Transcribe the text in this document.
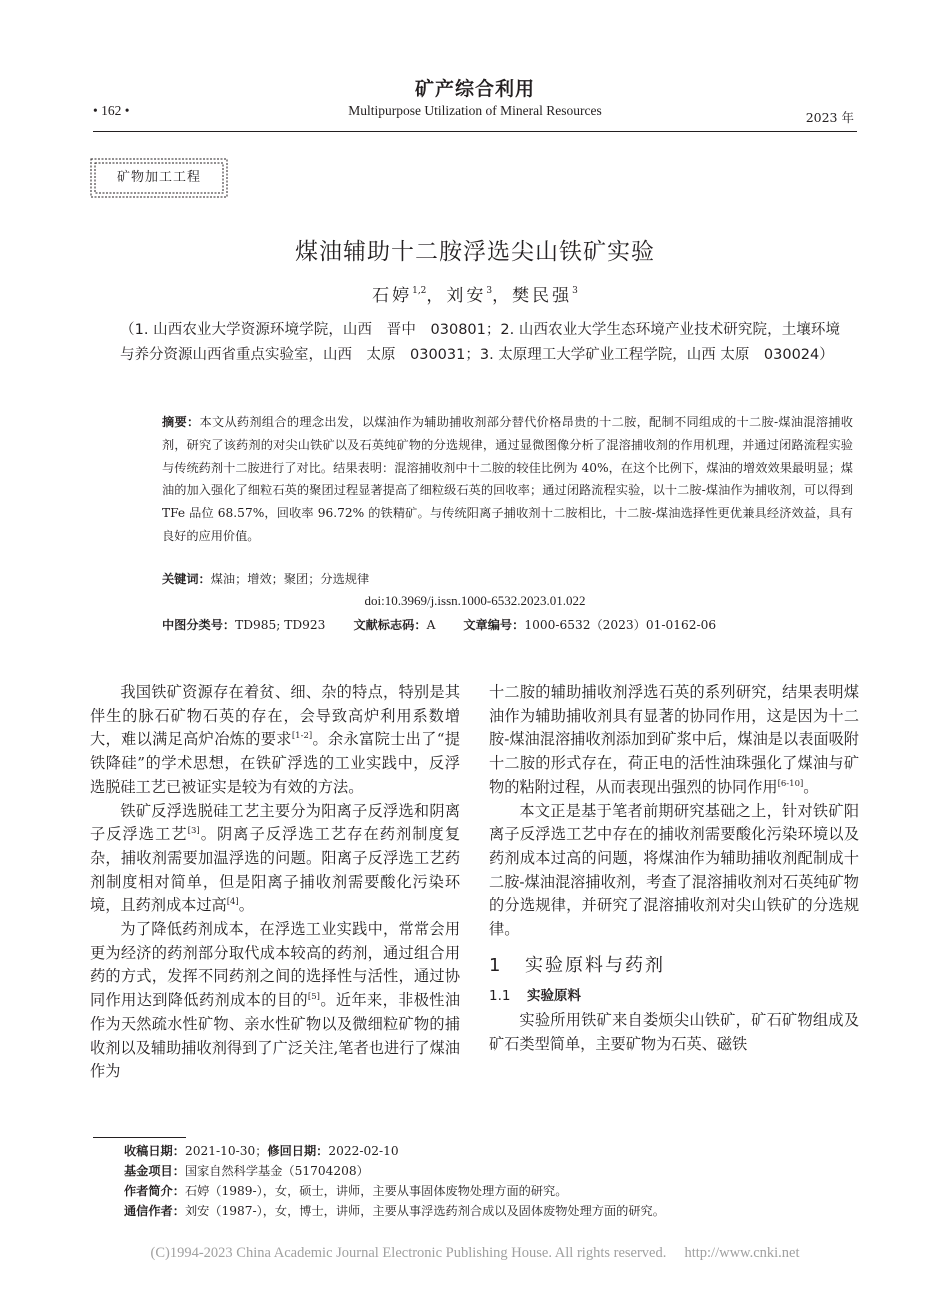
矿产综合利用
• 162 •	Multipurpose Utilization of Mineral Resources	2023 年
矿物加工工程
煤油辅助十二胺浮选尖山铁矿实验
石婷$^{1,2}$，刘安$^3$，樊民强$^3$
（1. 山西农业大学资源环境学院，山西　晋中　030801；2. 山西农业大学生态环境产业技术研究院，土壤环境与养分资源山西省重点实验室，山西　太原　030031；3. 太原理工大学矿业工程学院，山西 太原　030024）
摘要：本文从药剂组合的理念出发，以煤油作为辅助捕收剂部分替代价格昂贵的十二胺，配制不同组成的十二胺-煤油混溶捕收剂，研究了该药剂的对尖山铁矿以及石英纯矿物的分选规律，通过显微图像分析了混溶捕收剂的作用机理，并通过闭路流程实验与传统药剂十二胺进行了对比。结果表明：混溶捕收剂中十二胺的较佳比例为 40%，在这个比例下，煤油的增效效果最明显；煤油的加入强化了细粒石英的聚团过程显著提高了细粒级石英的回收率；通过闭路流程实验，以十二胺-煤油作为捕收剂，可以得到 TFe 品位 68.57%，回收率 96.72% 的铁精矿。与传统阳离子捕收剂十二胺相比，十二胺-煤油选择性更优兼具经济效益，具有良好的应用价值。
关键词：煤油；增效；聚团；分选规律
doi:10.3969/j.issn.1000-6532.2023.01.022
中图分类号：TD985; TD923 文献标志码：A 文章编号：1000-6532（2023）01-0162-06

我国铁矿资源存在着贫、细、杂的特点，特别是其伴生的脉石矿物石英的存在，会导致高炉利用系数增大，难以满足高炉冶炼的要求[1-2]。余永富院士出了“提铁降硅”的学术思想，在铁矿浮选的工业实践中，反浮选脱硅工艺已被证实是较为有效的方法。

铁矿反浮选脱硅工艺主要分为阳离子反浮选和阴离子反浮选工艺[3]。阴离子反浮选工艺存在药剂制度复杂，捕收剂需要加温浮选的问题。阳离子反浮选工艺药剂制度相对简单，但是阳离子捕收剂需要酸化污染环境，且药剂成本过高[4]。

为了降低药剂成本，在浮选工业实践中，常常会用更为经济的药剂部分取代成本较高的药剂，通过组合用药的方式，发挥不同药剂之间的选择性与活性，通过协同作用达到降低药剂成本的目的[5]。近年来，非极性油作为天然疏水性矿物、亲水性矿物以及微细粒矿物的捕收剂以及辅助捕收剂得到了广泛关注,笔者也进行了煤油作为

十二胺的辅助捕收剂浮选石英的系列研究，结果表明煤油作为辅助捕收剂具有显著的协同作用，这是因为十二胺-煤油混溶捕收剂添加到矿浆中后，煤油是以表面吸附十二胺的形式存在，荷正电的活性油珠强化了煤油与矿物的粘附过程，从而表现出强烈的协同作用[6-10]。

本文正是基于笔者前期研究基础之上，针对铁矿阳离子反浮选工艺中存在的捕收剂需要酸化污染环境以及药剂成本过高的问题，将煤油作为辅助捕收剂配制成十二胺-煤油混溶捕收剂，考查了混溶捕收剂对石英纯矿物的分选规律，并研究了混溶捕收剂对尖山铁矿的分选规律。

1 实验原料与药剂

1.1 实验原料

实验所用铁矿来自娄烦尖山铁矿，矿石矿物组成及矿石类型简单，主要矿物为石英、磁铁

收稿日期：2021-10-30；修回日期：2022-02-10
基金项目：国家自然科学基金（51704208）
作者简介：石婷（1989-），女，硕士，讲师，主要从事固体废物处理方面的研究。
通信作者：刘安（1987-），女，博士，讲师，主要从事浮选药剂合成以及固体废物处理方面的研究。
(C)1994-2023 China Academic Journal Electronic Publishing House. All rights reserved.　 http://www.cnki.net
